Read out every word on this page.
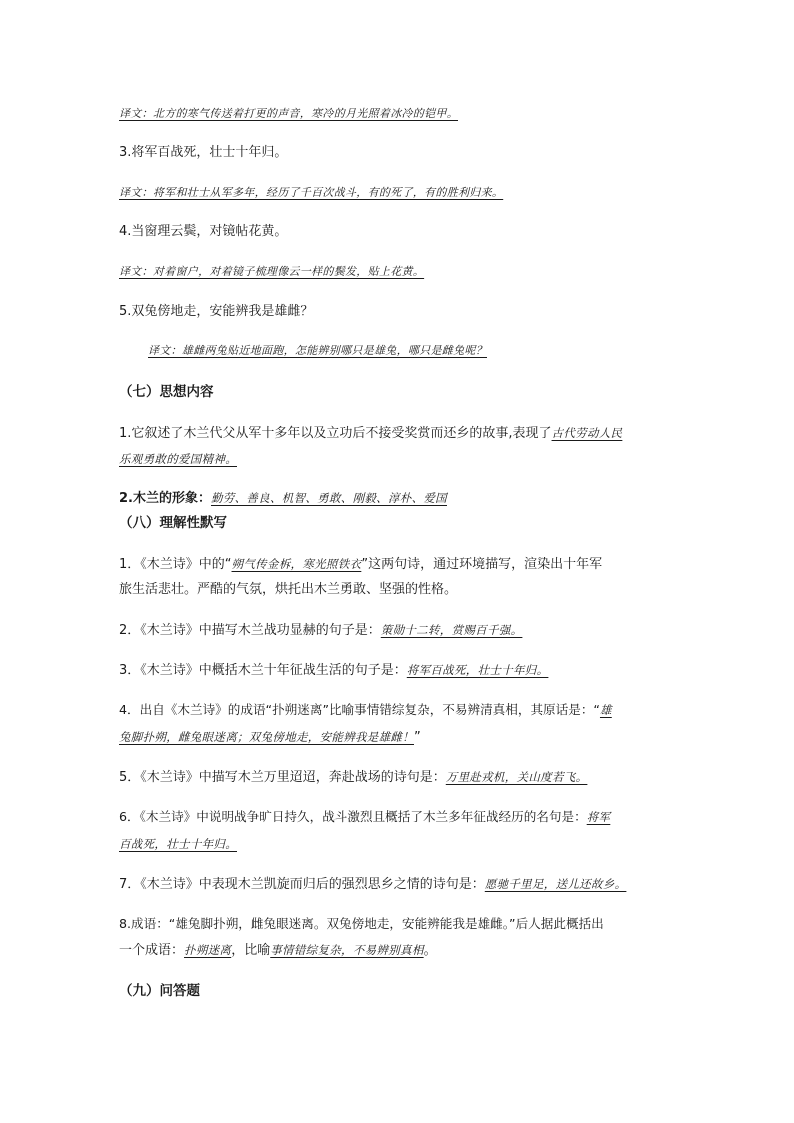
译文：北方的寒气传送着打更的声音，寒冷的月光照着冰冷的铠甲。
3.将军百战死，壮士十年归。
译文：将军和壮士从军多年，经历了千百次战斗，有的死了，有的胜利归来。
4.当窗理云鬓，对镜帖花黄。
译文：对着窗户，对着镜子梳理像云一样的鬓发，贴上花黄。
5.双兔傍地走，安能辨我是雄雌？
译文：雄雌两兔贴近地面跑，怎能辨别哪只是雄兔，哪只是雌兔呢？
（七）思想内容
1.它叙述了木兰代父从军十多年以及立功后不接受奖赏而还乡的故事,表现了古代劳动人民
乐观勇敢的爱国精神。
2.木兰的形象：勤劳、善良、机智、勇敢、刚毅、淳朴、爱国
（八）理解性默写
1．《木兰诗》中的“朔气传金柝，寒光照铁衣”这两句诗，通过环境描写，渲染出十年军
旅生活悲壮。严酷的气氛，烘托出木兰勇敢、坚强的性格。
2．《木兰诗》中描写木兰战功显赫的句子是：策勋十二转，赏赐百千强。
3．《木兰诗》中概括木兰十年征战生活的句子是：将军百战死，壮士十年归。
4．出自《木兰诗》的成语“扑朔迷离”比喻事情错综复杂，不易辨清真相，其原话是：“雄
兔脚扑朔，雌兔眼迷离；双兔傍地走，安能辨我是雄雌！”
5．《木兰诗》中描写木兰万里迢迢，奔赴战场的诗句是：万里赴戎机，关山度若飞。
6．《木兰诗》中说明战争旷日持久，战斗激烈且概括了木兰多年征战经历的名句是：将军
百战死，壮士十年归。
7．《木兰诗》中表现木兰凯旋而归后的强烈思乡之情的诗句是：愿驰千里足，送儿还故乡。
8.成语：“雄兔脚扑朔，雌兔眼迷离。双兔傍地走，安能辨能我是雄雌。”后人据此概括出
一个成语：扑朔迷离，比喻事情错综复杂，不易辨别真相。
（九）问答题
